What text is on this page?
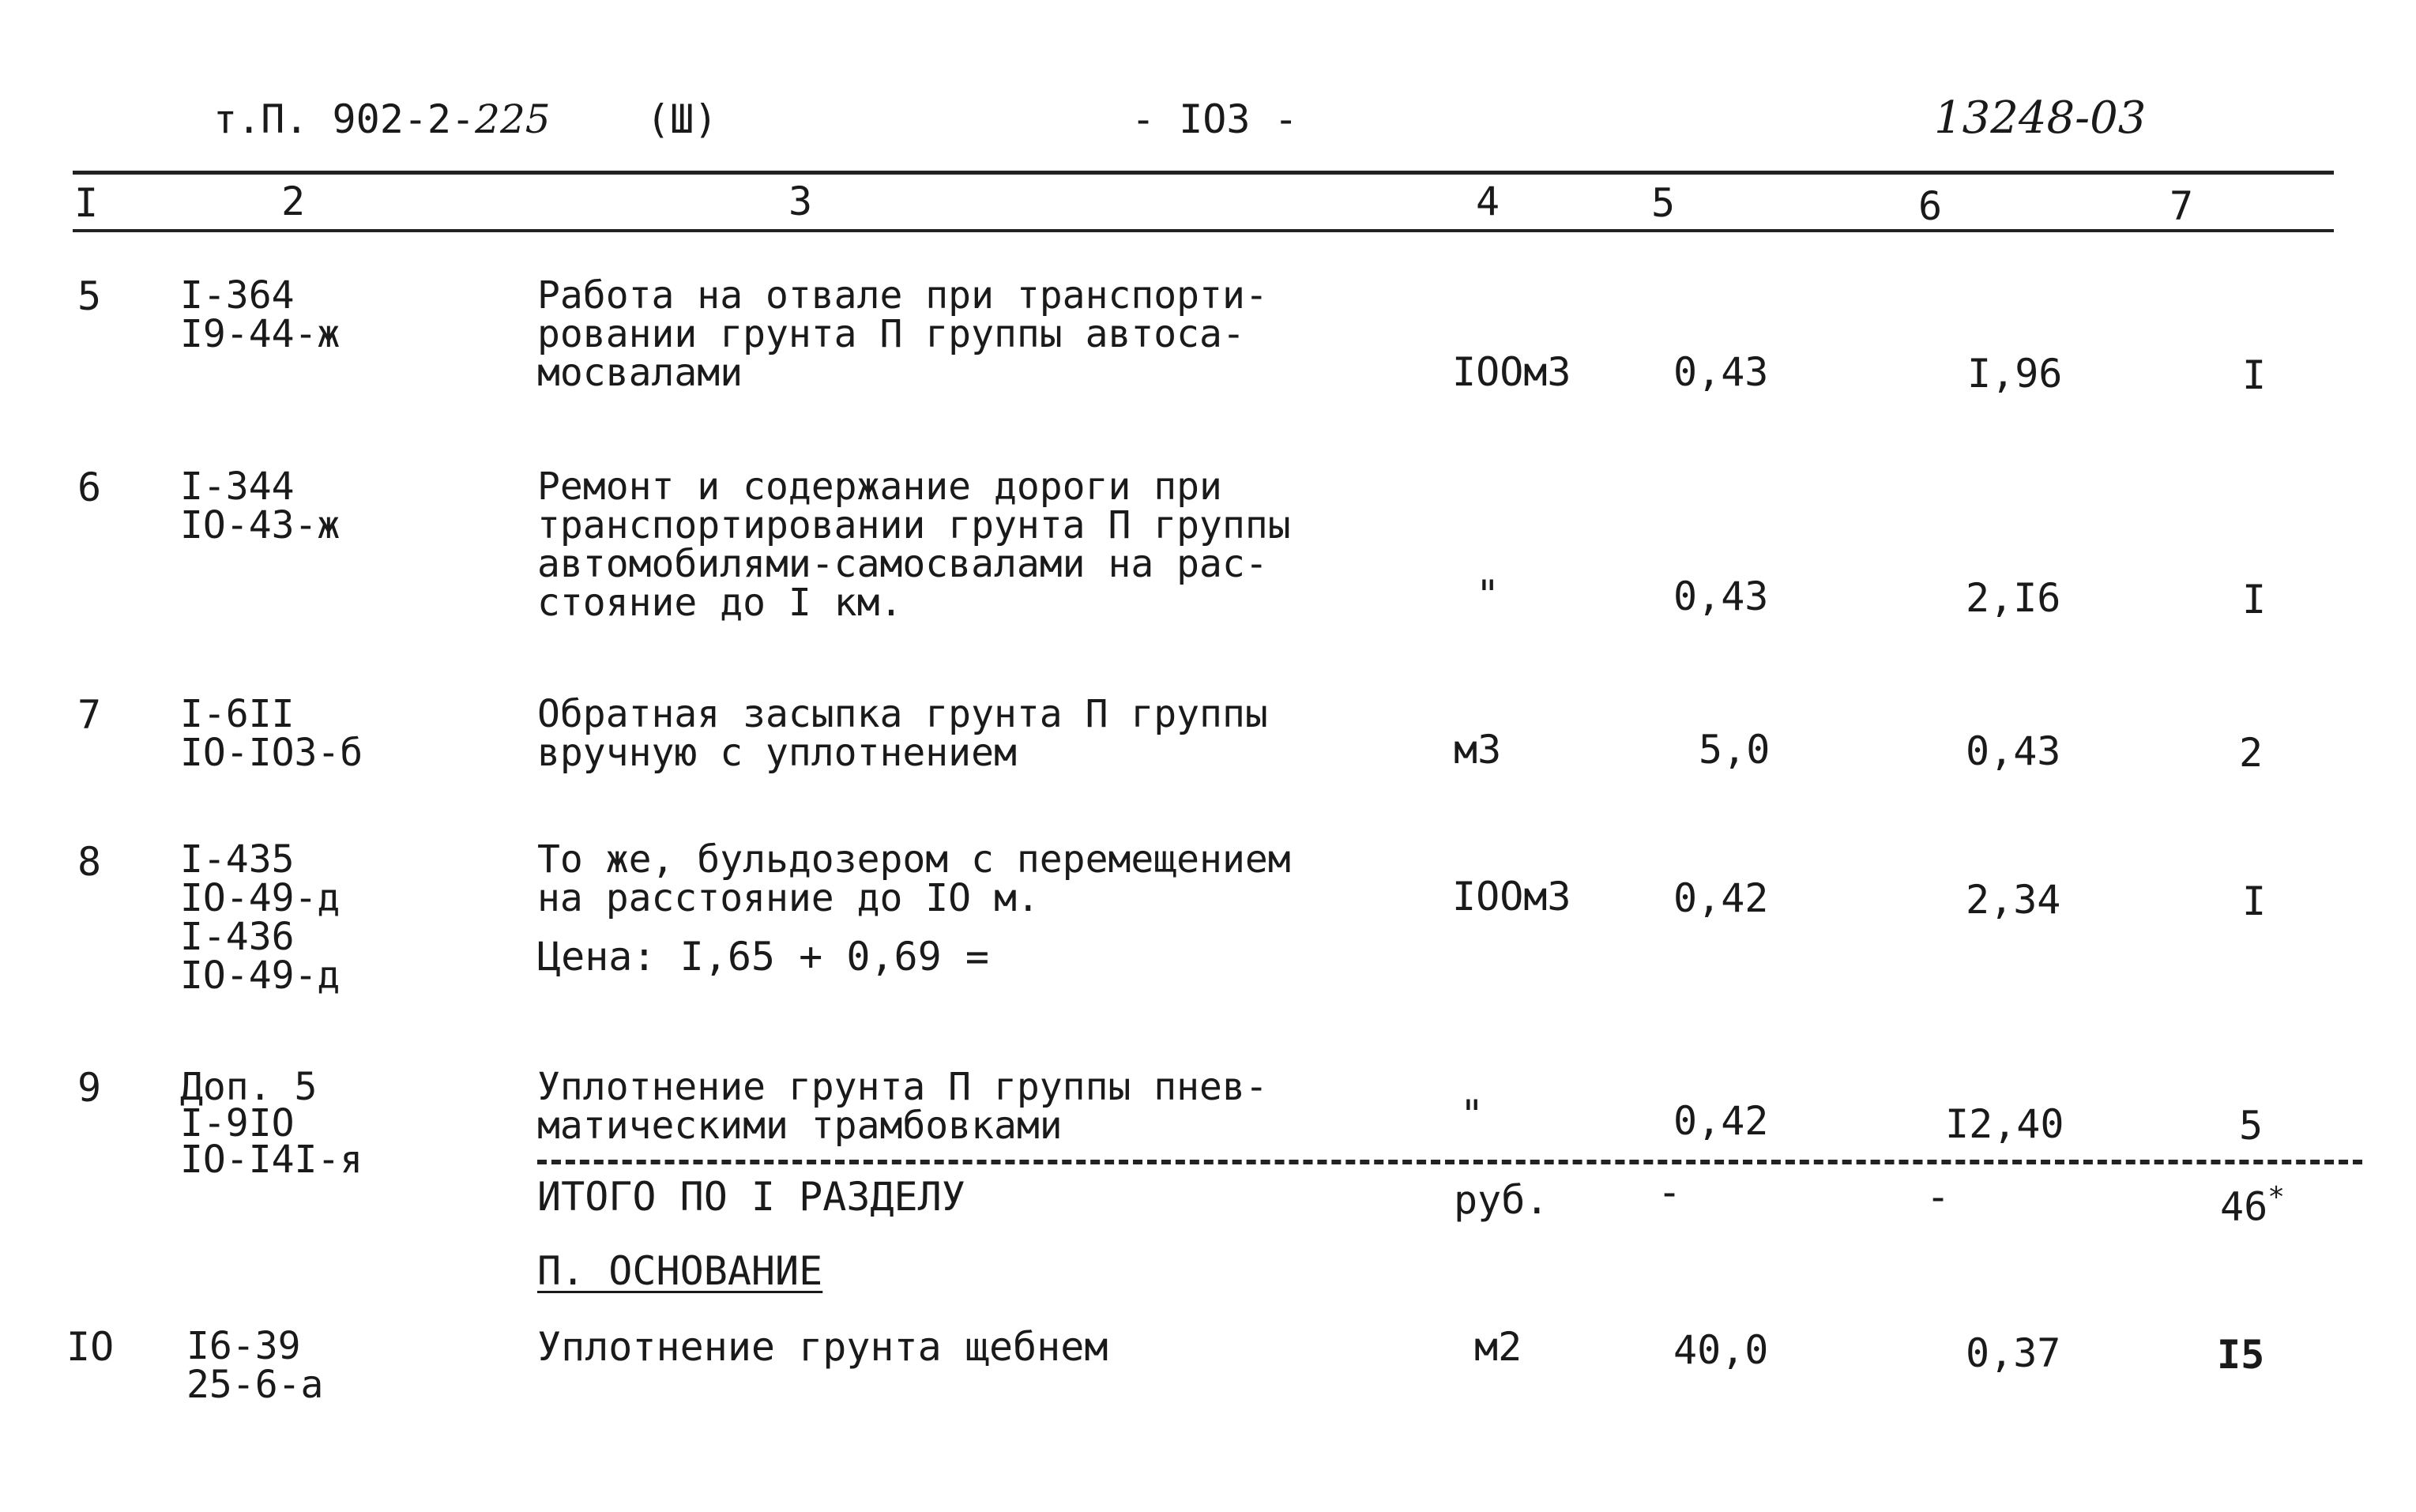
т.П. 902-2-225 (Ш)	- IO3 -	13248-03
I	2	3	4	5	6	7
5 I-364
I9-44-ж
Работа на отвале при транспорти-
ровании грунта П группы автоса-
мосвалами	IOOм3	0,43	I,96	I
6 I-344
IO-43-ж
Ремонт и содержание дороги при
транспортировании грунта П группы
автомобилями-самосвалами на рас-
стояние до I км.	"	0,43	2,I6	I
7 I-6II
IO-IO3-б
Обратная засыпка грунта П группы
вручную с уплотнением	м3	5,0	0,43	2
8 I-435
IO-49-д
I-436
IO-49-д
То же, бульдозером с перемещением
на расстояние до IO м.
Цена: I,65 + 0,69 =
IOOм3	0,42	2,34	I
9 Доп. 5
I-9IO
IO-I4I-я
Уплотнение грунта П группы пнев-
матическими трамбовками	"	0,42	I2,40	5
ИТОГО ПО I РАЗДЕЛУ	руб.	-	-	46*
П. ОСНОВАНИЕ
IO I6-39
25-6-а
Уплотнение грунта щебнем	м2	40,0	0,37	I5
